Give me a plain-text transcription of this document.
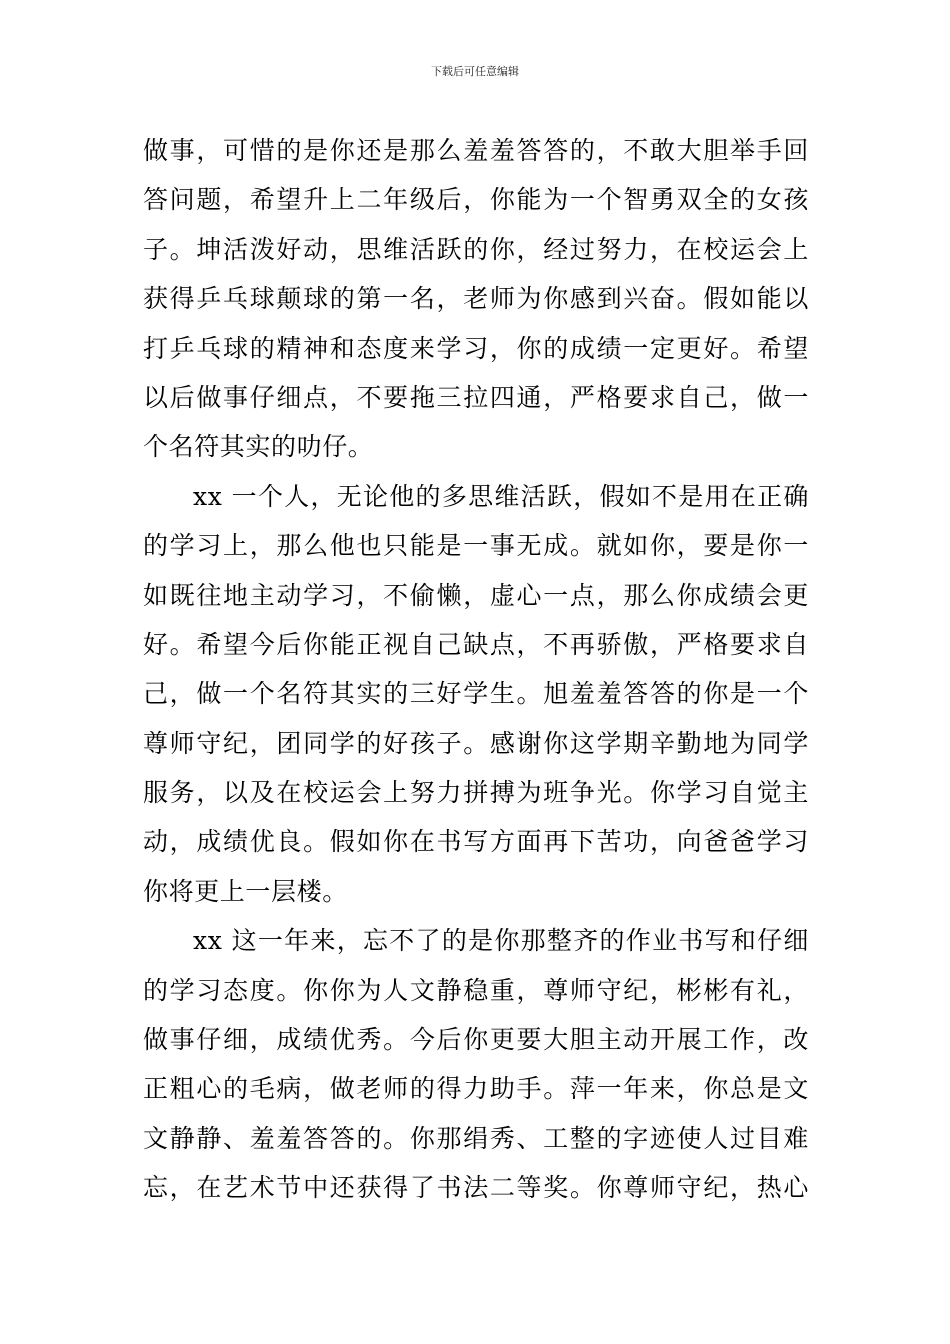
下载后可任意编辑
做事，可惜的是你还是那么羞羞答答的，不敢大胆举手回
答问题，希望升上二年级后，你能为一个智勇双全的女孩
子。坤活泼好动，思维活跃的你，经过努力，在校运会上
获得乒乓球颠球的第一名，老师为你感到兴奋。假如能以
打乒乓球的精神和态度来学习，你的成绩一定更好。希望
以后做事仔细点，不要拖三拉四通，严格要求自己，做一
个名符其实的叻仔。
xx 一个人，无论他的多思维活跃，假如不是用在正确
的学习上，那么他也只能是一事无成。就如你，要是你一
如既往地主动学习，不偷懒，虚心一点，那么你成绩会更
好。希望今后你能正视自己缺点，不再骄傲，严格要求自
己，做一个名符其实的三好学生。旭羞羞答答的你是一个
尊师守纪，团同学的好孩子。感谢你这学期辛勤地为同学
服务，以及在校运会上努力拼搏为班争光。你学习自觉主
动，成绩优良。假如你在书写方面再下苦功，向爸爸学习
你将更上一层楼。
xx 这一年来，忘不了的是你那整齐的作业书写和仔细
的学习态度。你你为人文静稳重，尊师守纪，彬彬有礼，
做事仔细，成绩优秀。今后你更要大胆主动开展工作，改
正粗心的毛病，做老师的得力助手。萍一年来，你总是文
文静静、羞羞答答的。你那绢秀、工整的字迹使人过目难
忘，在艺术节中还获得了书法二等奖。你尊师守纪，热心
